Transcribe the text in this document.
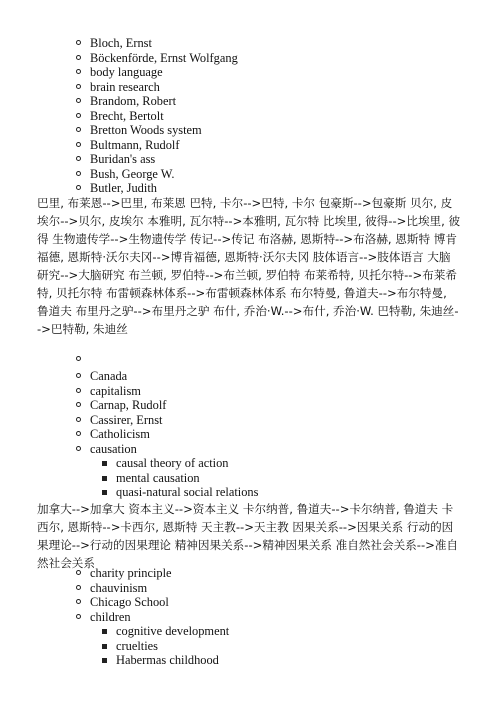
Bloch, Ernst
Böckenförde, Ernst Wolfgang
body language
brain research
Brandom, Robert
Brecht, Bertolt
Bretton Woods system
Bultmann, Rudolf
Buridan's ass
Bush, George W.
Butler, Judith

巴里, 布莱恩-->巴里, 布莱恩 巴特, 卡尔-->巴特, 卡尔 包豪斯-->包豪斯 贝尔, 皮埃尔-->贝尔, 皮埃尔 本雅明, 瓦尔特-->本雅明, 瓦尔特 比埃里, 彼得-->比埃里, 彼得 生物遗传学-->生物遗传学 传记-->传记 布洛赫, 恩斯特-->布洛赫, 恩斯特 博肯福德, 恩斯特·沃尔夫冈-->博肯福德, 恩斯特·沃尔夫冈 肢体语言-->肢体语言 大脑研究-->大脑研究 布兰顿, 罗伯特-->布兰顿, 罗伯特 布莱希特, 贝托尔特-->布莱希特, 贝托尔特 布雷顿森林体系-->布雷顿森林体系 布尔特曼, 鲁道夫-->布尔特曼, 鲁道夫 布里丹之驴-->布里丹之驴 布什, 乔治·W.-->布什, 乔治·W. 巴特勒, 朱迪丝-->巴特勒, 朱迪丝

Canada
capitalism
Carnap, Rudolf
Cassirer, Ernst
Catholicism
causation
causal theory of action
mental causation
quasi-natural social relations

加拿大-->加拿大 资本主义-->资本主义 卡尔纳普, 鲁道夫-->卡尔纳普, 鲁道夫 卡西尔, 恩斯特-->卡西尔, 恩斯特 天主教-->天主教 因果关系-->因果关系 行动的因果理论-->行动的因果理论 精神因果关系-->精神因果关系 准自然社会关系-->准自然社会关系

charity principle
chauvinism
Chicago School
children
cognitive development
cruelties
Habermas childhood
